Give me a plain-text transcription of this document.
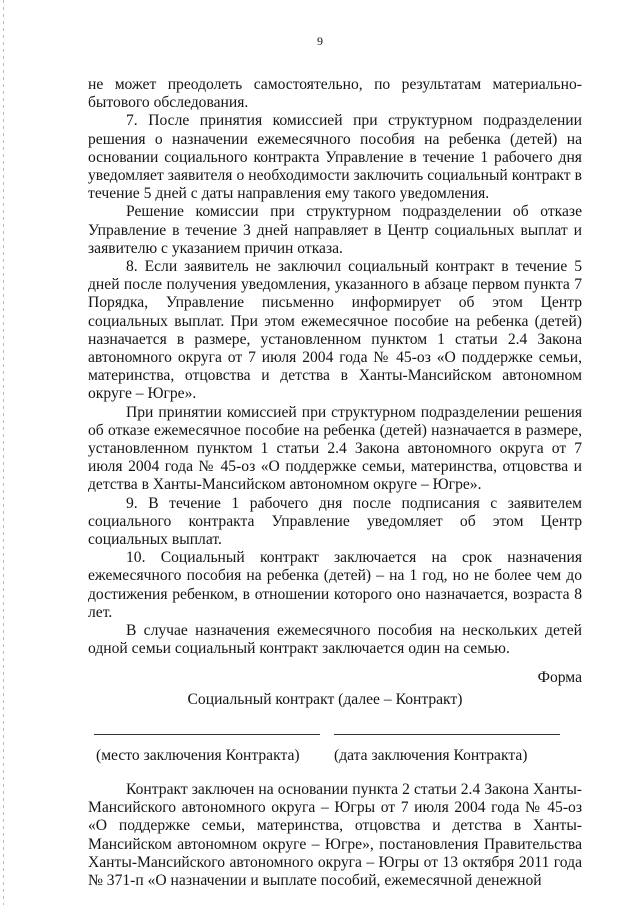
9

не может преодолеть самостоятельно, по результатам материально-бытового обследования.

7. После принятия комиссией при структурном подразделении решения о назначении ежемесячного пособия на ребенка (детей) на основании социального контракта Управление в течение 1 рабочего дня уведомляет заявителя о необходимости заключить социальный контракт в течение 5 дней с даты направления ему такого уведомления.

Решение комиссии при структурном подразделении об отказе Управление в течение 3 дней направляет в Центр социальных выплат и заявителю с указанием причин отказа.

8. Если заявитель не заключил социальный контракт в течение 5 дней после получения уведомления, указанного в абзаце первом пункта 7 Порядка, Управление письменно информирует об этом Центр социальных выплат. При этом ежемесячное пособие на ребенка (детей) назначается в размере, установленном пунктом 1 статьи 2.4 Закона автономного округа от 7 июля 2004 года № 45-оз «О поддержке семьи, материнства, отцовства и детства в Ханты-Мансийском автономном округе – Югре».

При принятии комиссией при структурном подразделении решения об отказе ежемесячное пособие на ребенка (детей) назначается в размере, установленном пунктом 1 статьи 2.4 Закона автономного округа от 7 июля 2004 года № 45-оз «О поддержке семьи, материнства, отцовства и детства в Ханты-Мансийском автономном округе – Югре».

9. В течение 1 рабочего дня после подписания с заявителем социального контракта Управление уведомляет об этом Центр социальных выплат.

10. Социальный контракт заключается на срок назначения ежемесячного пособия на ребенка (детей) – на 1 год, но не более чем до достижения ребенком, в отношении которого оно назначается, возраста 8 лет.

В случае назначения ежемесячного пособия на нескольких детей одной семьи социальный контракт заключается один на семью.

Форма

Социальный контракт (далее – Контракт)

(место заключения Контракта) (дата заключения Контракта)

Контракт заключен на основании пункта 2 статьи 2.4 Закона Ханты-Мансийского автономного округа – Югры от 7 июля 2004 года № 45-оз «О поддержке семьи, материнства, отцовства и детства в Ханты-Мансийском автономном округе – Югре», постановления Правительства Ханты-Мансийского автономного округа – Югры от 13 октября 2011 года № 371-п «О назначении и выплате пособий, ежемесячной денежной
